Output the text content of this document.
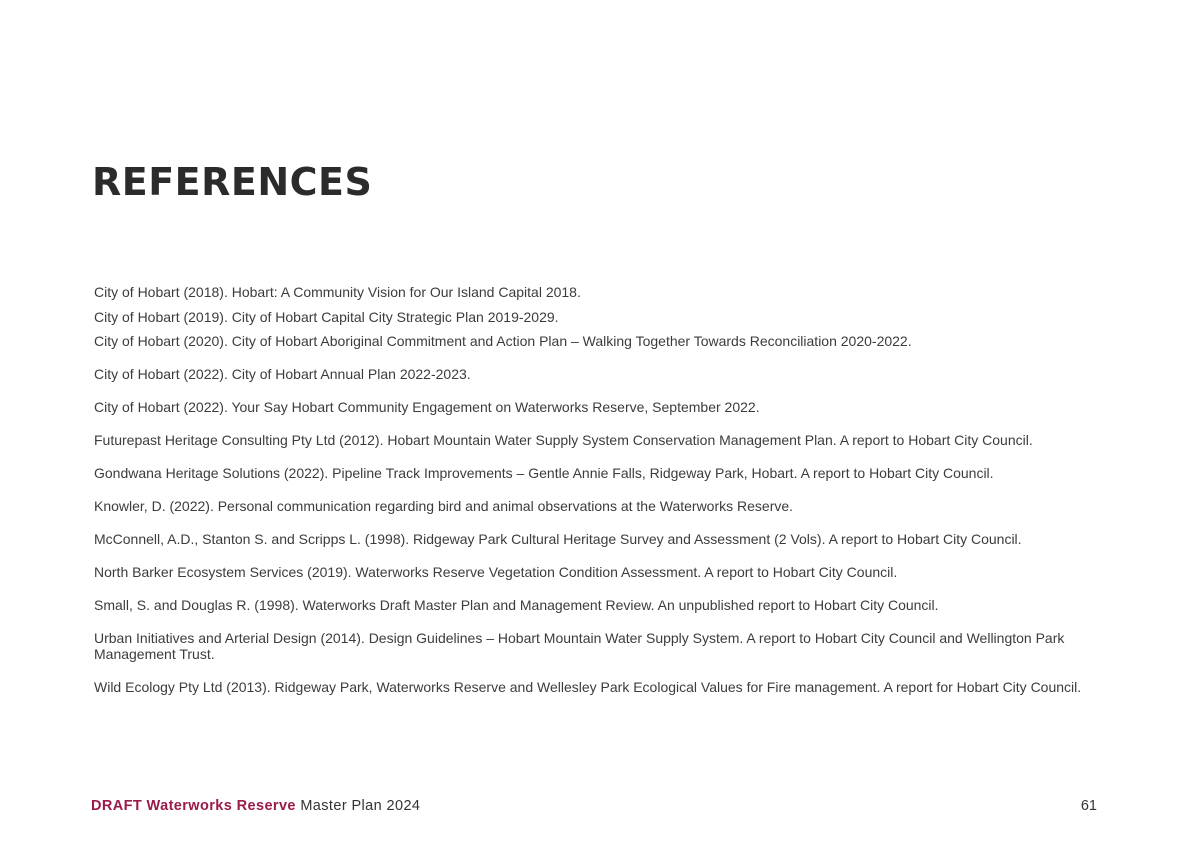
REFERENCES
City of Hobart (2018). Hobart: A Community Vision for Our Island Capital 2018.
City of Hobart (2019). City of Hobart Capital City Strategic Plan 2019-2029.
City of Hobart (2020). City of Hobart Aboriginal Commitment and Action Plan – Walking Together Towards Reconciliation 2020-2022.
City of Hobart (2022). City of Hobart Annual Plan 2022-2023.
City of Hobart (2022). Your Say Hobart Community Engagement on Waterworks Reserve, September 2022.
Futurepast Heritage Consulting Pty Ltd (2012). Hobart Mountain Water Supply System Conservation Management Plan. A report to Hobart City Council.
Gondwana Heritage Solutions (2022). Pipeline Track Improvements – Gentle Annie Falls, Ridgeway Park, Hobart. A report to Hobart City Council.
Knowler, D. (2022). Personal communication regarding bird and animal observations at the Waterworks Reserve.
McConnell, A.D., Stanton S. and Scripps L. (1998). Ridgeway Park Cultural Heritage Survey and Assessment (2 Vols). A report to Hobart City Council.
North Barker Ecosystem Services (2019). Waterworks Reserve Vegetation Condition Assessment. A report to Hobart City Council.
Small, S. and Douglas R. (1998). Waterworks Draft Master Plan and Management Review. An unpublished report to Hobart City Council.
Urban Initiatives and Arterial Design (2014). Design Guidelines – Hobart Mountain Water Supply System. A report to Hobart City Council and Wellington Park Management Trust.
Wild Ecology Pty Ltd (2013). Ridgeway Park, Waterworks Reserve and Wellesley Park Ecological Values for Fire management. A report for Hobart City Council.
DRAFT Waterworks Reserve Master Plan 2024	61
